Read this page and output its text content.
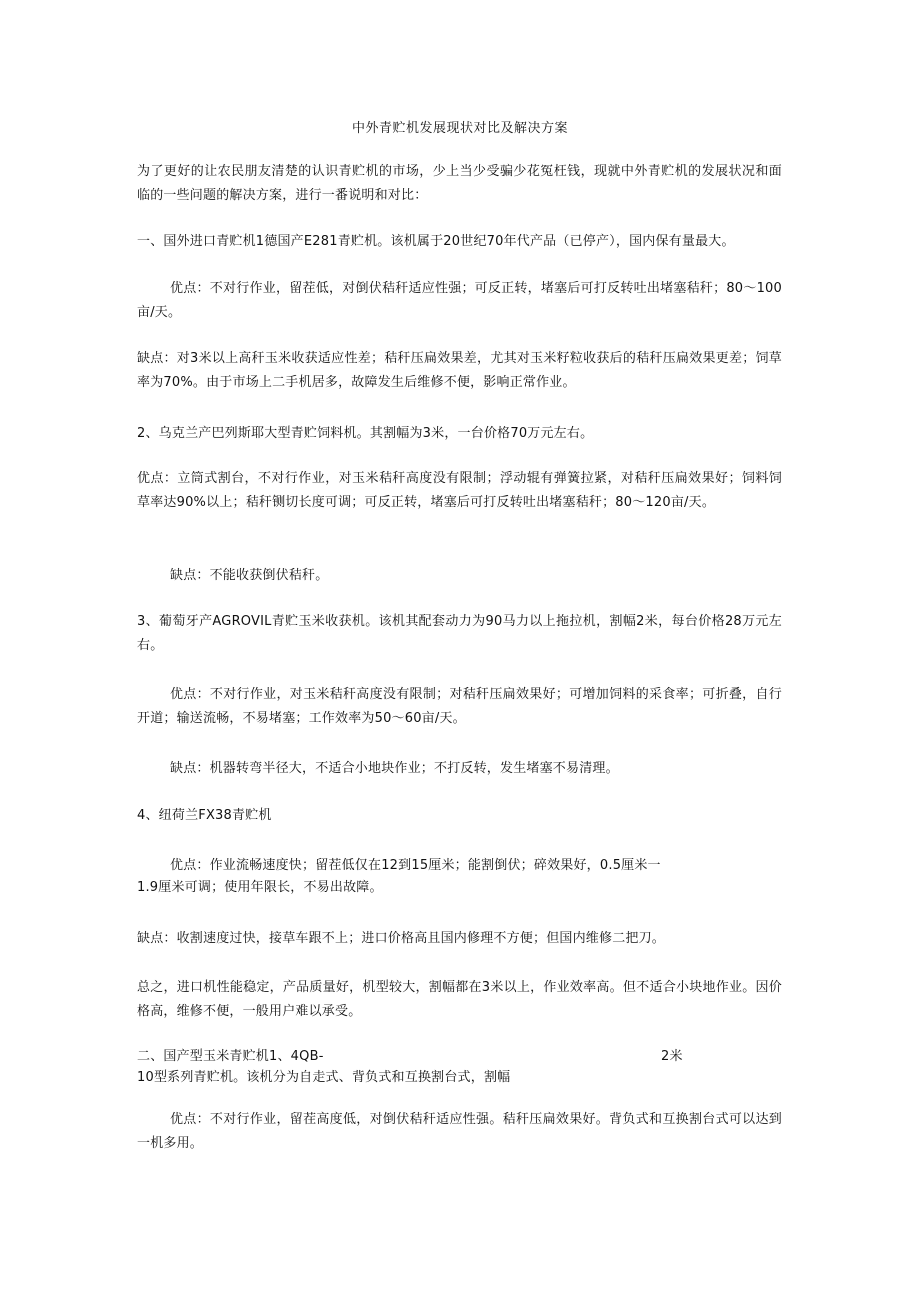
中外青贮机发展现状对比及解决方案
为了更好的让农民朋友清楚的认识青贮机的市场，少上当少受骗少花冤枉钱，现就中外青贮机的发展状况和面临的一些问题的解决方案，进行一番说明和对比：
一、国外进口青贮机1德国产E281青贮机。该机属于20世纪70年代产品（已停产），国内保有量最大。
优点：不对行作业，留茬低，对倒伏秸秆适应性强；可反正转，堵塞后可打反转吐出堵塞秸秆；80～100亩/天。
缺点：对3米以上高秆玉米收获适应性差；秸秆压扁效果差，尤其对玉米籽粒收获后的秸秆压扁效果更差；饲草率为70%。由于市场上二手机居多，故障发生后维修不便，影响正常作业。
2、乌克兰产巴列斯耶大型青贮饲料机。其割幅为3米，一台价格70万元左右。
优点：立筒式割台，不对行作业，对玉米秸秆高度没有限制；浮动辊有弹簧拉紧，对秸秆压扁效果好；饲料饲草率达90%以上；秸秆铡切长度可调；可反正转，堵塞后可打反转吐出堵塞秸秆；80～120亩/天。
缺点：不能收获倒伏秸秆。
3、葡萄牙产AGROVIL青贮玉米收获机。该机其配套动力为90马力以上拖拉机，割幅2米，每台价格28万元左右。
优点：不对行作业，对玉米秸秆高度没有限制；对秸秆压扁效果好；可增加饲料的采食率；可折叠，自行开道；输送流畅，不易堵塞；工作效率为50～60亩/天。
缺点：机器转弯半径大，不适合小地块作业；不打反转，发生堵塞不易清理。
4、纽荷兰FX38青贮机
优点：作业流畅速度快；留茬低仅在12到15厘米；能割倒伏；碎效果好，0.5厘米一
1.9厘米可调；使用年限长，不易出故障。
缺点：收割速度过快，接草车跟不上；进口价格高且国内修理不方便；但国内维修二把刀。
总之，进口机性能稳定，产品质量好，机型较大，割幅都在3米以上，作业效率高。但不适合小块地作业。因价格高，维修不便，一般用户难以承受。
二、国产型玉米青贮机1、4QB-	2米
10型系列青贮机。该机分为自走式、背负式和互换割台式，割幅
优点：不对行作业，留茬高度低，对倒伏秸秆适应性强。秸秆压扁效果好。背负式和互换割台式可以达到一机多用。
